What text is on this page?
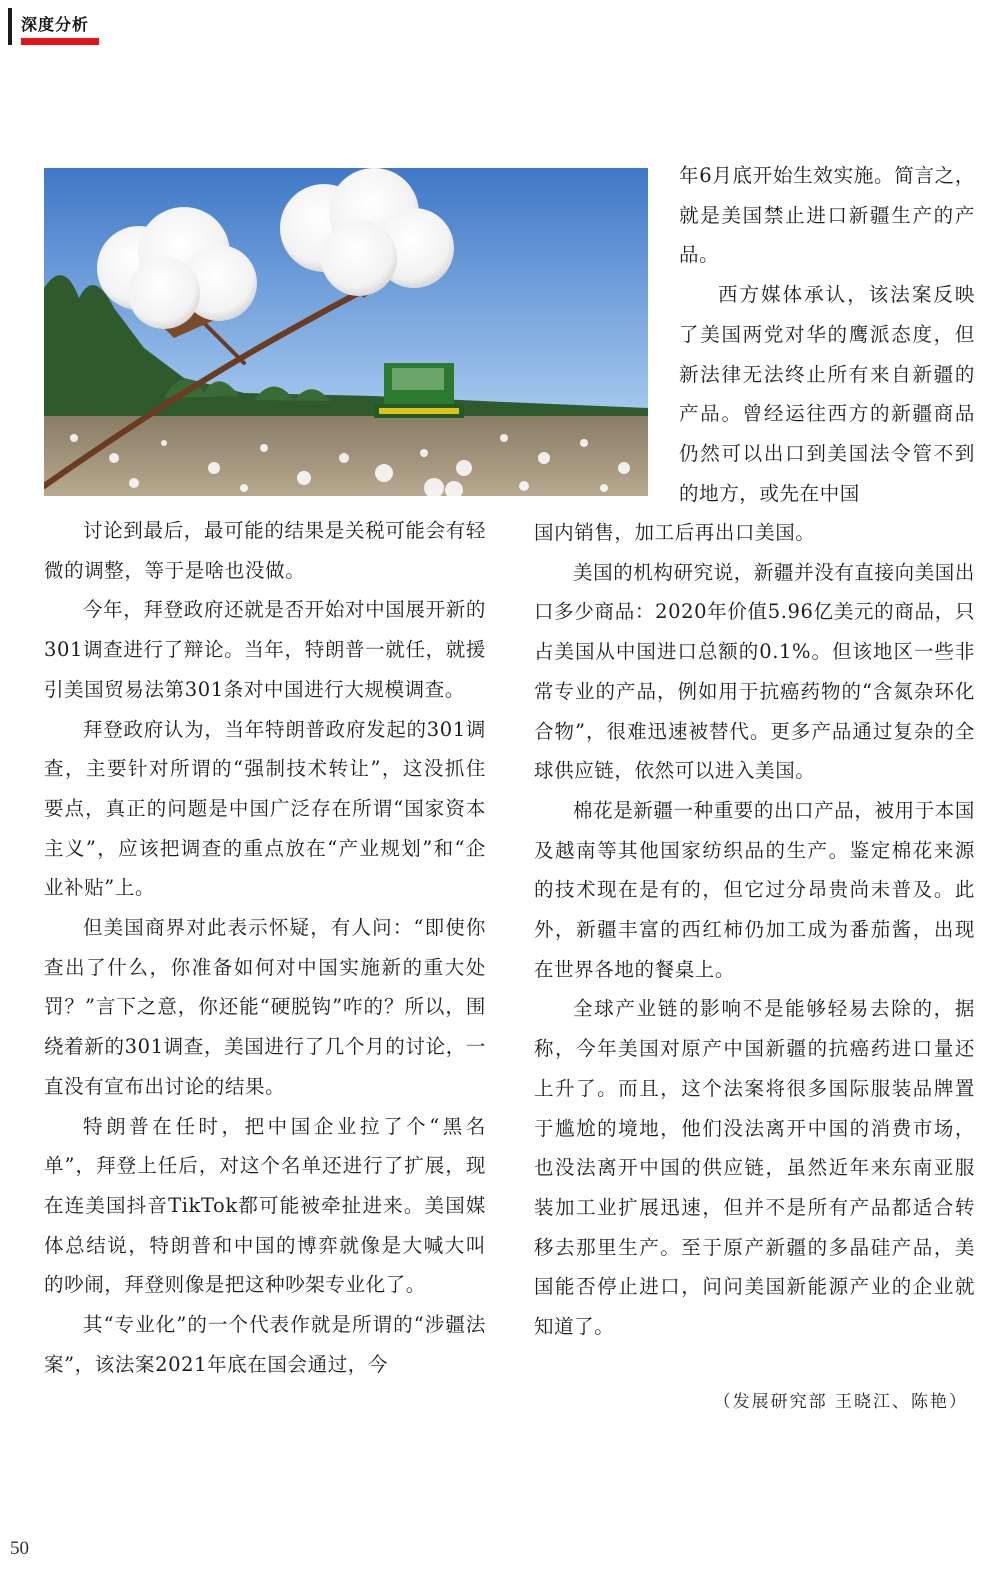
深度分析
讨论到最后，最可能的结果是关税可能会有轻微的调整，等于是啥也没做。
今年，拜登政府还就是否开始对中国展开新的301调查进行了辩论。当年，特朗普一就任，就援引美国贸易法第301条对中国进行大规模调查。
拜登政府认为，当年特朗普政府发起的301调查，主要针对所谓的“强制技术转让”，这没抓住要点，真正的问题是中国广泛存在所谓“国家资本主义”，应该把调查的重点放在“产业规划”和“企业补贴”上。
但美国商界对此表示怀疑，有人问：“即使你查出了什么，你准备如何对中国实施新的重大处罚？”言下之意，你还能“硬脱钩”咋的？所以，围绕着新的301调查，美国进行了几个月的讨论，一直没有宣布出讨论的结果。
特朗普在任时，把中国企业拉了个“黑名单”，拜登上任后，对这个名单还进行了扩展，现在连美国抖音TikTok都可能被牵扯进来。美国媒体总结说，特朗普和中国的博弈就像是大喊大叫的吵闹，拜登则像是把这种吵架专业化了。
其“专业化”的一个代表作就是所谓的“涉疆法案”，该法案2021年底在国会通过，今
年6月底开始生效实施。简言之，就是美国禁止进口新疆生产的产品。
西方媒体承认，该法案反映了美国两党对华的鹰派态度，但新法律无法终止所有来自新疆的产品。曾经运往西方的新疆商品仍然可以出口到美国法令管不到的地方，或先在中国
国内销售，加工后再出口美国。
美国的机构研究说，新疆并没有直接向美国出口多少商品：2020年价值5.96亿美元的商品，只占美国从中国进口总额的0.1%。但该地区一些非常专业的产品，例如用于抗癌药物的“含氮杂环化合物”，很难迅速被替代。更多产品通过复杂的全球供应链，依然可以进入美国。
棉花是新疆一种重要的出口产品，被用于本国及越南等其他国家纺织品的生产。鉴定棉花来源的技术现在是有的，但它过分昂贵尚未普及。此外，新疆丰富的西红柿仍加工成为番茄酱，出现在世界各地的餐桌上。
全球产业链的影响不是能够轻易去除的，据称，今年美国对原产中国新疆的抗癌药进口量还上升了。而且，这个法案将很多国际服装品牌置于尴尬的境地，他们没法离开中国的消费市场，也没法离开中国的供应链，虽然近年来东南亚服装加工业扩展迅速，但并不是所有产品都适合转移去那里生产。至于原产新疆的多晶硅产品，美国能否停止进口，问问美国新能源产业的企业就知道了。
（发展研究部 王晓江、陈艳）
50
